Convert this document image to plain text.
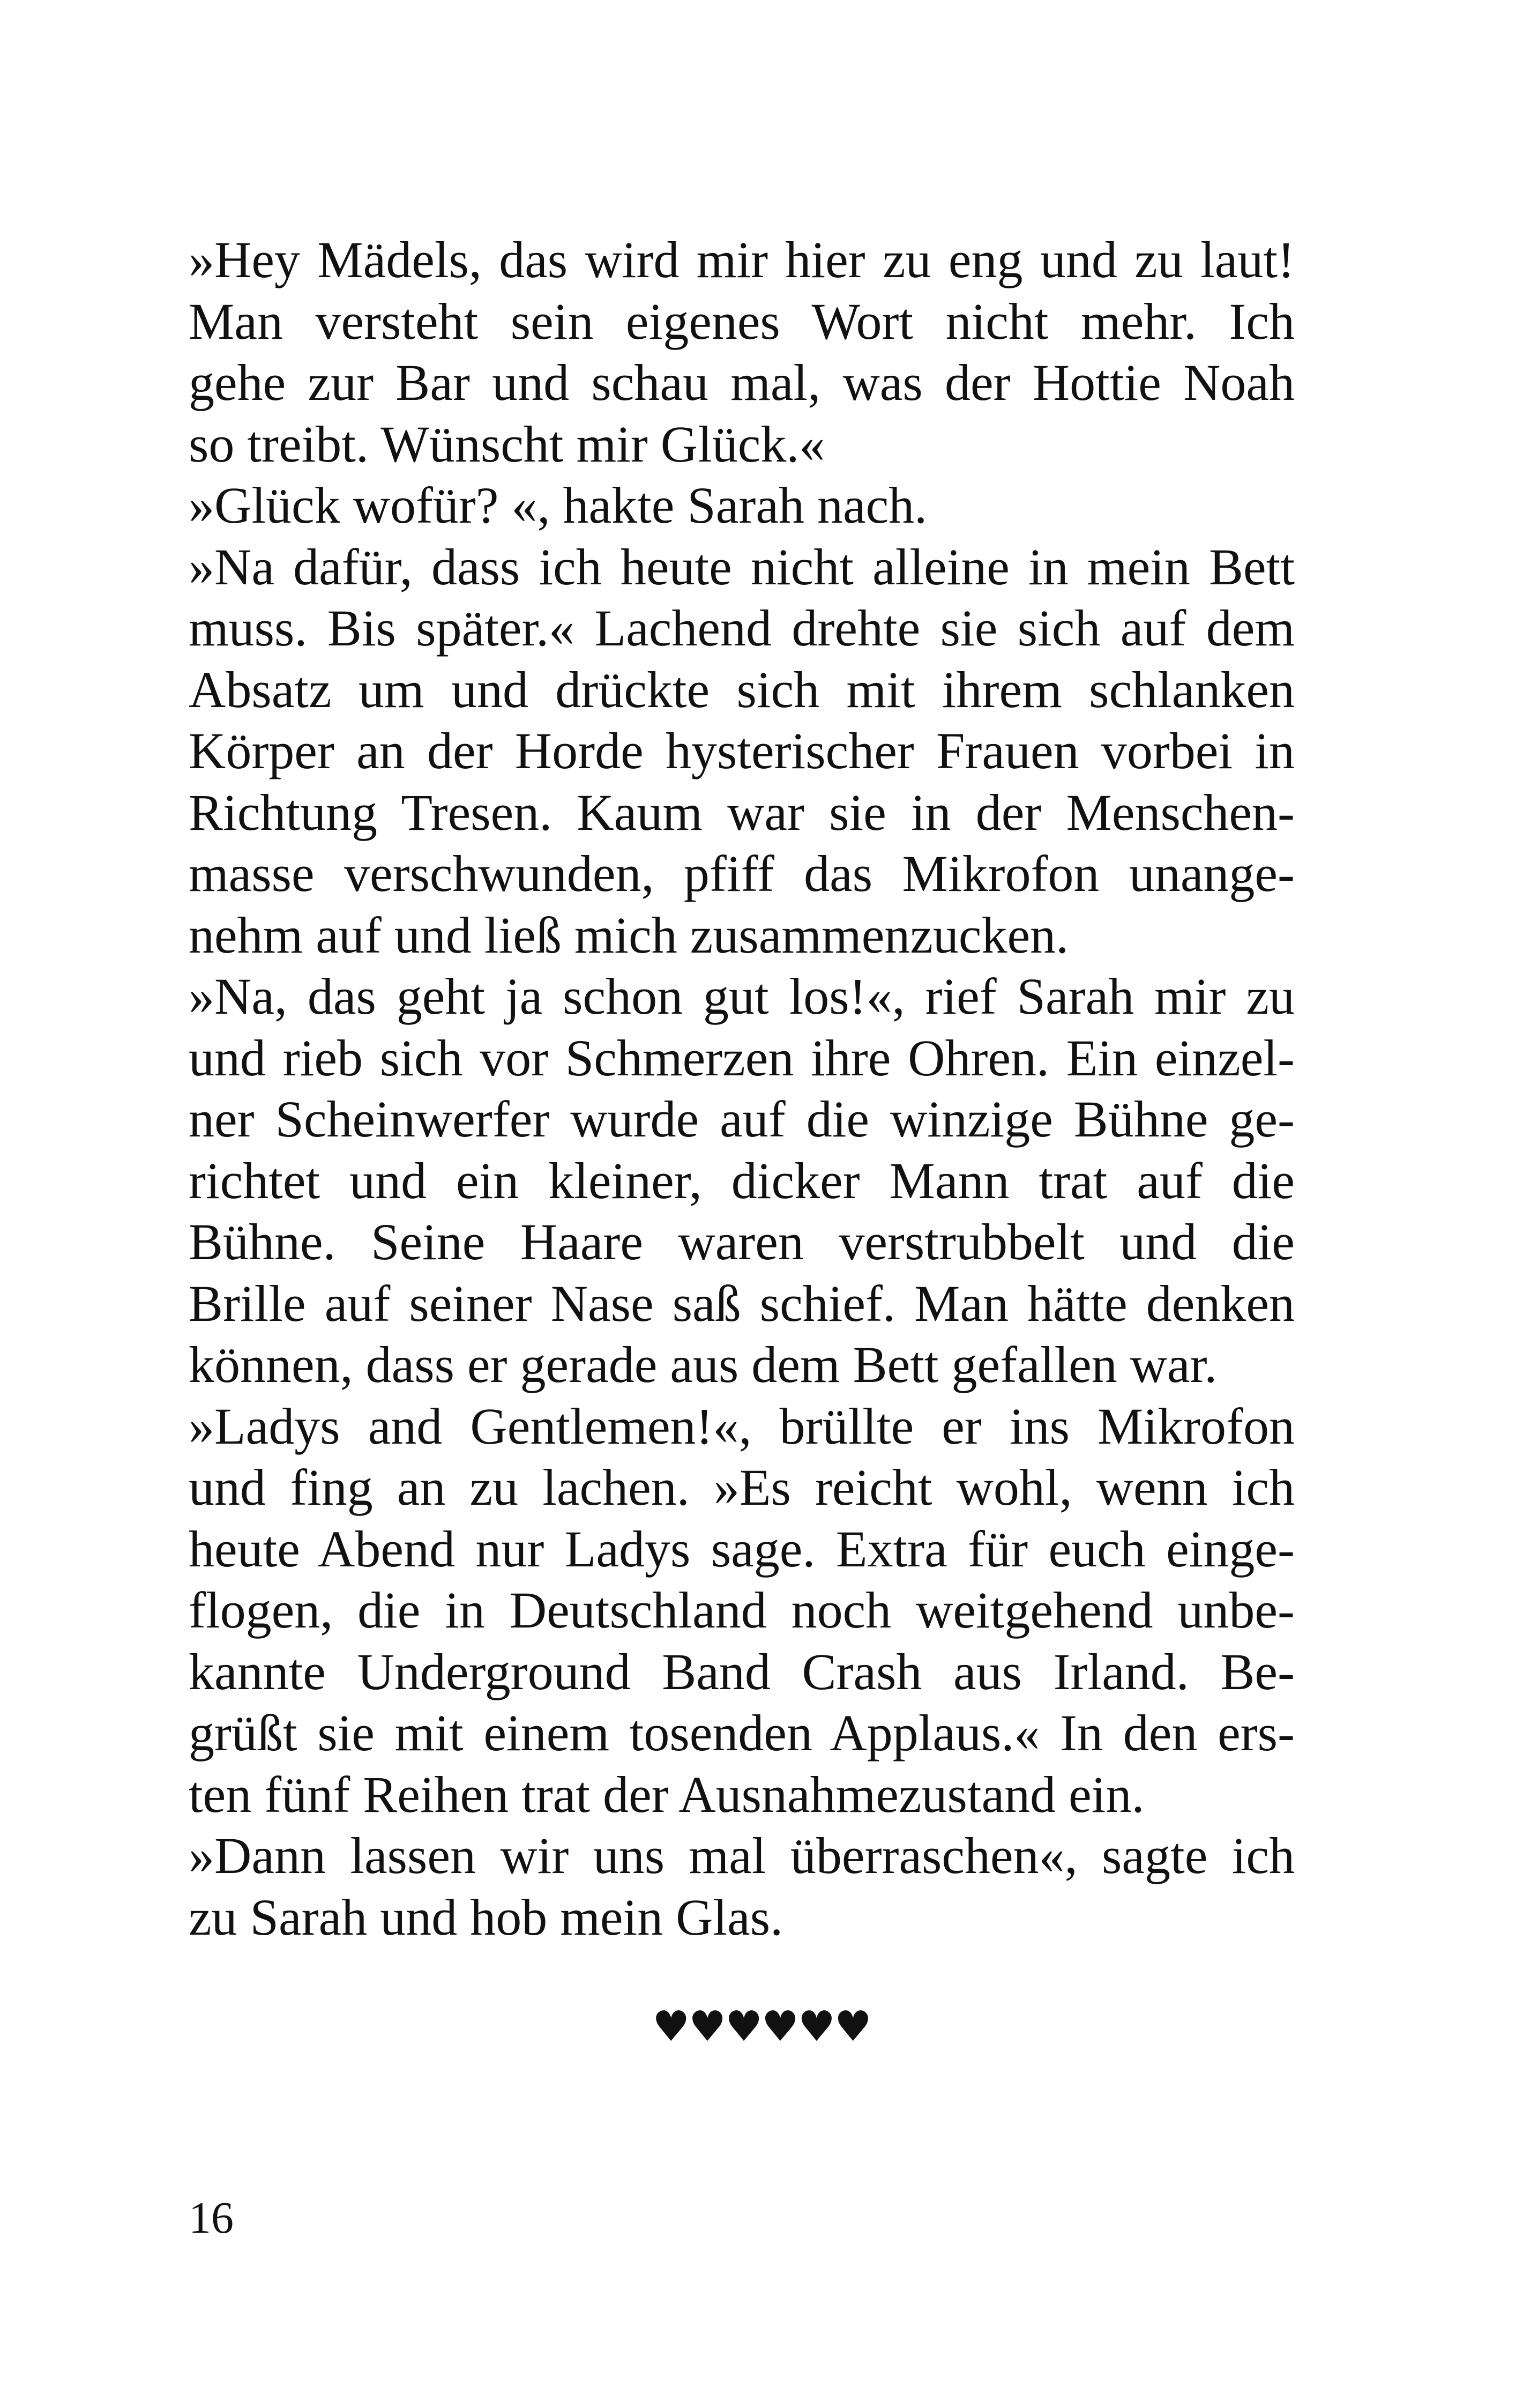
»Hey Mädels, das wird mir hier zu eng und zu laut!
Man versteht sein eigenes Wort nicht mehr. Ich
gehe zur Bar und schau mal, was der Hottie Noah
so treibt. Wünscht mir Glück.«
»Glück wofür? «, hakte Sarah nach.
»Na dafür, dass ich heute nicht alleine in mein Bett
muss. Bis später.« Lachend drehte sie sich auf dem
Absatz um und drückte sich mit ihrem schlanken
Körper an der Horde hysterischer Frauen vorbei in
Richtung Tresen. Kaum war sie in der Menschen-
masse verschwunden, pfiff das Mikrofon unange-
nehm auf und ließ mich zusammenzucken.
»Na, das geht ja schon gut los!«, rief Sarah mir zu
und rieb sich vor Schmerzen ihre Ohren. Ein einzel-
ner Scheinwerfer wurde auf die winzige Bühne ge-
richtet und ein kleiner, dicker Mann trat auf die
Bühne. Seine Haare waren verstrubbelt und die
Brille auf seiner Nase saß schief. Man hätte denken
können, dass er gerade aus dem Bett gefallen war.
»Ladys and Gentlemen!«, brüllte er ins Mikrofon
und fing an zu lachen. »Es reicht wohl, wenn ich
heute Abend nur Ladys sage. Extra für euch einge-
flogen, die in Deutschland noch weitgehend unbe-
kannte Underground Band Crash aus Irland. Be-
grüßt sie mit einem tosenden Applaus.« In den ers-
ten fünf Reihen trat der Ausnahmezustand ein.
»Dann lassen wir uns mal überraschen«, sagte ich
zu Sarah und hob mein Glas.
♥♥♥♥♥♥
16
